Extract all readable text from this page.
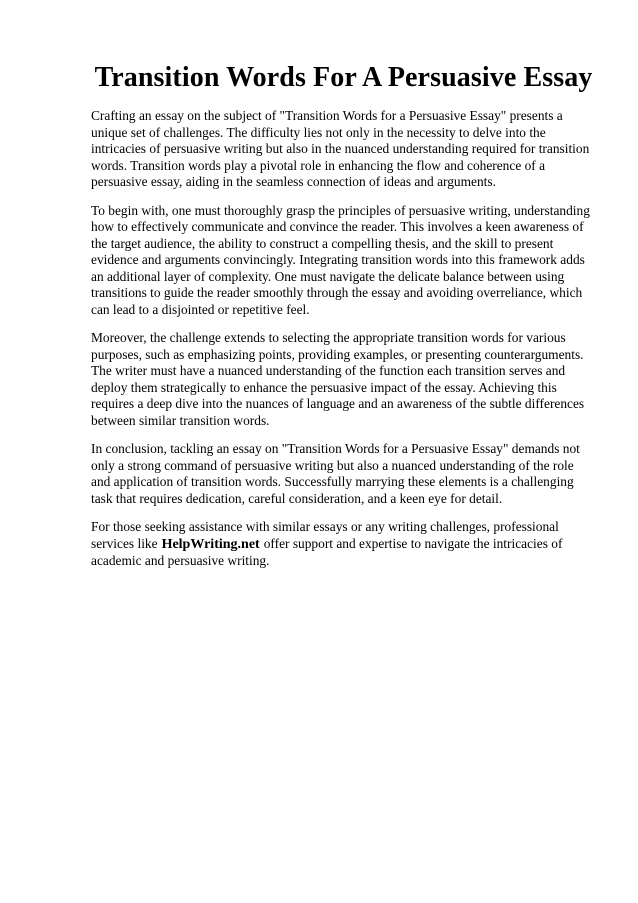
Transition Words For A Persuasive Essay

Crafting an essay on the subject of "Transition Words for a Persuasive Essay" presents a unique set of challenges. The difficulty lies not only in the necessity to delve into the intricacies of persuasive writing but also in the nuanced understanding required for transition words. Transition words play a pivotal role in enhancing the flow and coherence of a persuasive essay, aiding in the seamless connection of ideas and arguments.

To begin with, one must thoroughly grasp the principles of persuasive writing, understanding how to effectively communicate and convince the reader. This involves a keen awareness of the target audience, the ability to construct a compelling thesis, and the skill to present evidence and arguments convincingly. Integrating transition words into this framework adds an additional layer of complexity. One must navigate the delicate balance between using transitions to guide the reader smoothly through the essay and avoiding overreliance, which can lead to a disjointed or repetitive feel.

Moreover, the challenge extends to selecting the appropriate transition words for various purposes, such as emphasizing points, providing examples, or presenting counterarguments. The writer must have a nuanced understanding of the function each transition serves and deploy them strategically to enhance the persuasive impact of the essay. Achieving this requires a deep dive into the nuances of language and an awareness of the subtle differences between similar transition words.

In conclusion, tackling an essay on "Transition Words for a Persuasive Essay" demands not only a strong command of persuasive writing but also a nuanced understanding of the role and application of transition words. Successfully marrying these elements is a challenging task that requires dedication, careful consideration, and a keen eye for detail.

For those seeking assistance with similar essays or any writing challenges, professional services like HelpWriting.net offer support and expertise to navigate the intricacies of academic and persuasive writing.
